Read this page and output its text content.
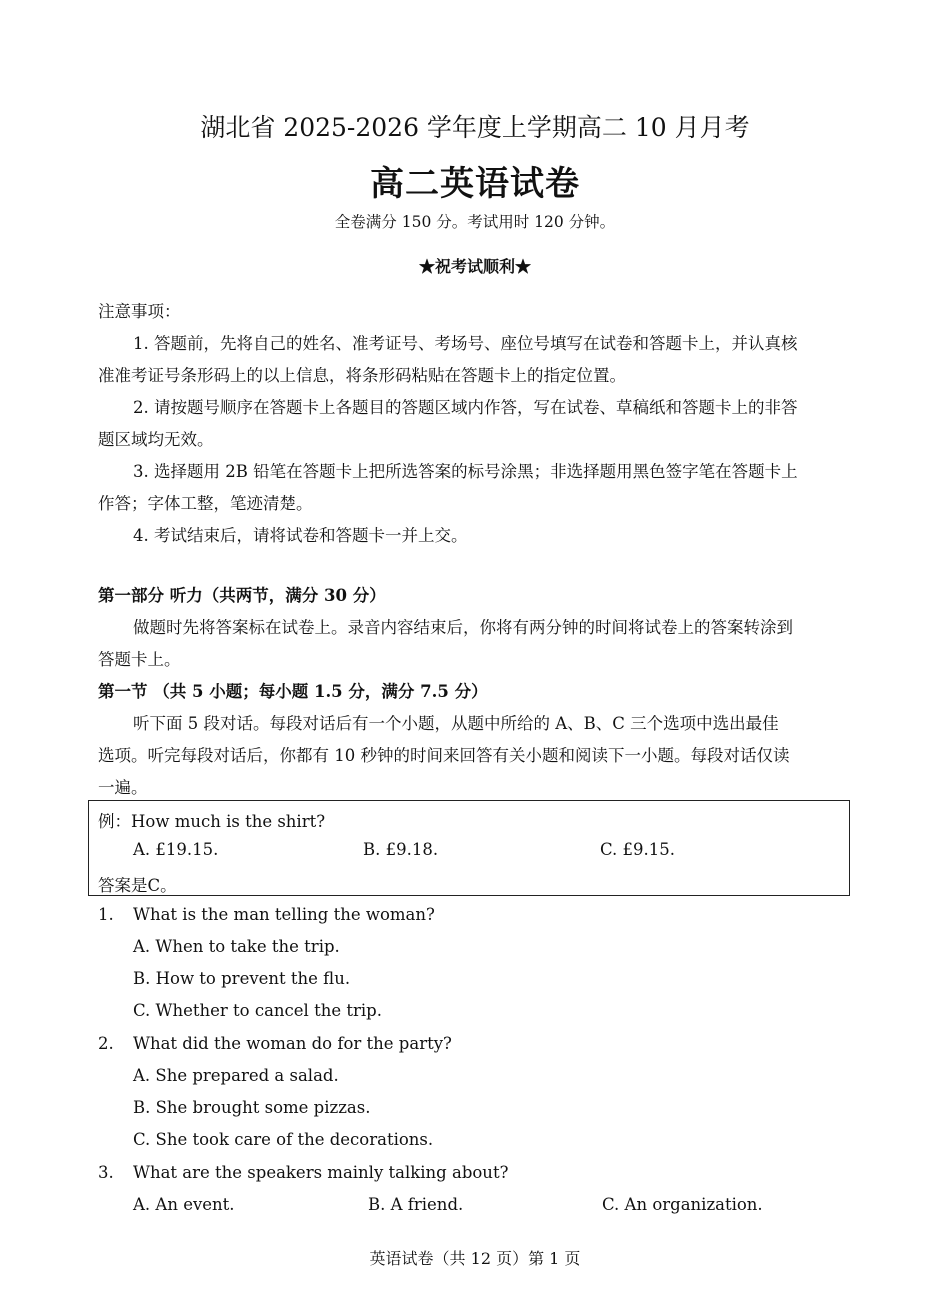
湖北省 2025-2026 学年度上学期高二 10 月月考
高二英语试卷
全卷满分 150 分。考试用时 120 分钟。
★祝考试顺利★
注意事项：
1. 答题前，先将自己的姓名、准考证号、考场号、座位号填写在试卷和答题卡上，并认真核
准准考证号条形码上的以上信息，将条形码粘贴在答题卡上的指定位置。
2. 请按题号顺序在答题卡上各题目的答题区域内作答，写在试卷、草稿纸和答题卡上的非答
题区域均无效。
3. 选择题用 2B 铅笔在答题卡上把所选答案的标号涂黑；非选择题用黑色签字笔在答题卡上
作答；字体工整，笔迹清楚。
4. 考试结束后，请将试卷和答题卡一并上交。
第一部分 听力（共两节，满分 30 分）
做题时先将答案标在试卷上。录音内容结束后，你将有两分钟的时间将试卷上的答案转涂到
答题卡上。
第一节 （共 5 小题；每小题 1.5 分，满分 7.5 分）
听下面 5 段对话。每段对话后有一个小题，从题中所给的 A、B、C 三个选项中选出最佳
选项。听完每段对话后，你都有 10 秒钟的时间来回答有关小题和阅读下一小题。每段对话仅读
一遍。
例：How much is the shirt?
A. £19.15.	B. £9.18.	C. £9.15.
答案是C。
1. What is the man telling the woman?
A. When to take the trip.
B. How to prevent the flu.
C. Whether to cancel the trip.
2. What did the woman do for the party?
A. She prepared a salad.
B. She brought some pizzas.
C. She took care of the decorations.
3. What are the speakers mainly talking about?
A. An event.	B. A friend.	C. An organization.
英语试卷（共 12 页）第 1 页
